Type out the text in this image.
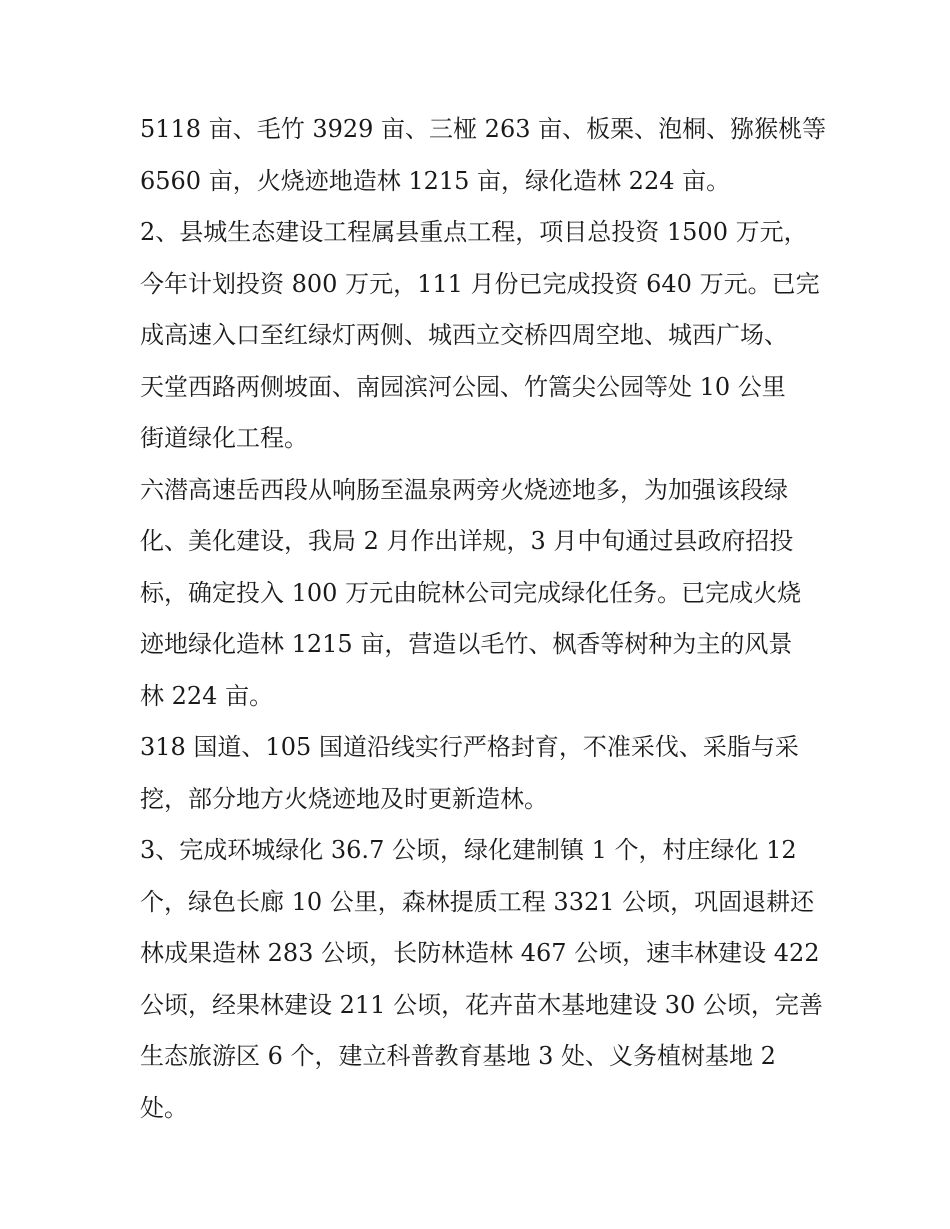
5118 亩、毛竹 3929 亩、三桠 263 亩、板栗、泡桐、猕猴桃等
6560 亩，火烧迹地造林 1215 亩，绿化造林 224 亩。
2、县城生态建设工程属县重点工程，项目总投资 1500 万元，
今年计划投资 800 万元，111 月份已完成投资 640 万元。已完
成高速入口至红绿灯两侧、城西立交桥四周空地、城西广场、
天堂西路两侧坡面、南园滨河公园、竹篙尖公园等处 10 公里
街道绿化工程。
六潜高速岳西段从响肠至温泉两旁火烧迹地多，为加强该段绿
化、美化建设，我局 2 月作出详规，3 月中旬通过县政府招投
标，确定投入 100 万元由皖林公司完成绿化任务。已完成火烧
迹地绿化造林 1215 亩，营造以毛竹、枫香等树种为主的风景
林 224 亩。
318 国道、105 国道沿线实行严格封育，不准采伐、采脂与采
挖，部分地方火烧迹地及时更新造林。
3、完成环城绿化 36.7 公顷，绿化建制镇 1 个，村庄绿化 12
个，绿色长廊 10 公里，森林提质工程 3321 公顷，巩固退耕还
林成果造林 283 公顷，长防林造林 467 公顷，速丰林建设 422
公顷，经果林建设 211 公顷，花卉苗木基地建设 30 公顷，完善
生态旅游区 6 个，建立科普教育基地 3 处、义务植树基地 2
处。
